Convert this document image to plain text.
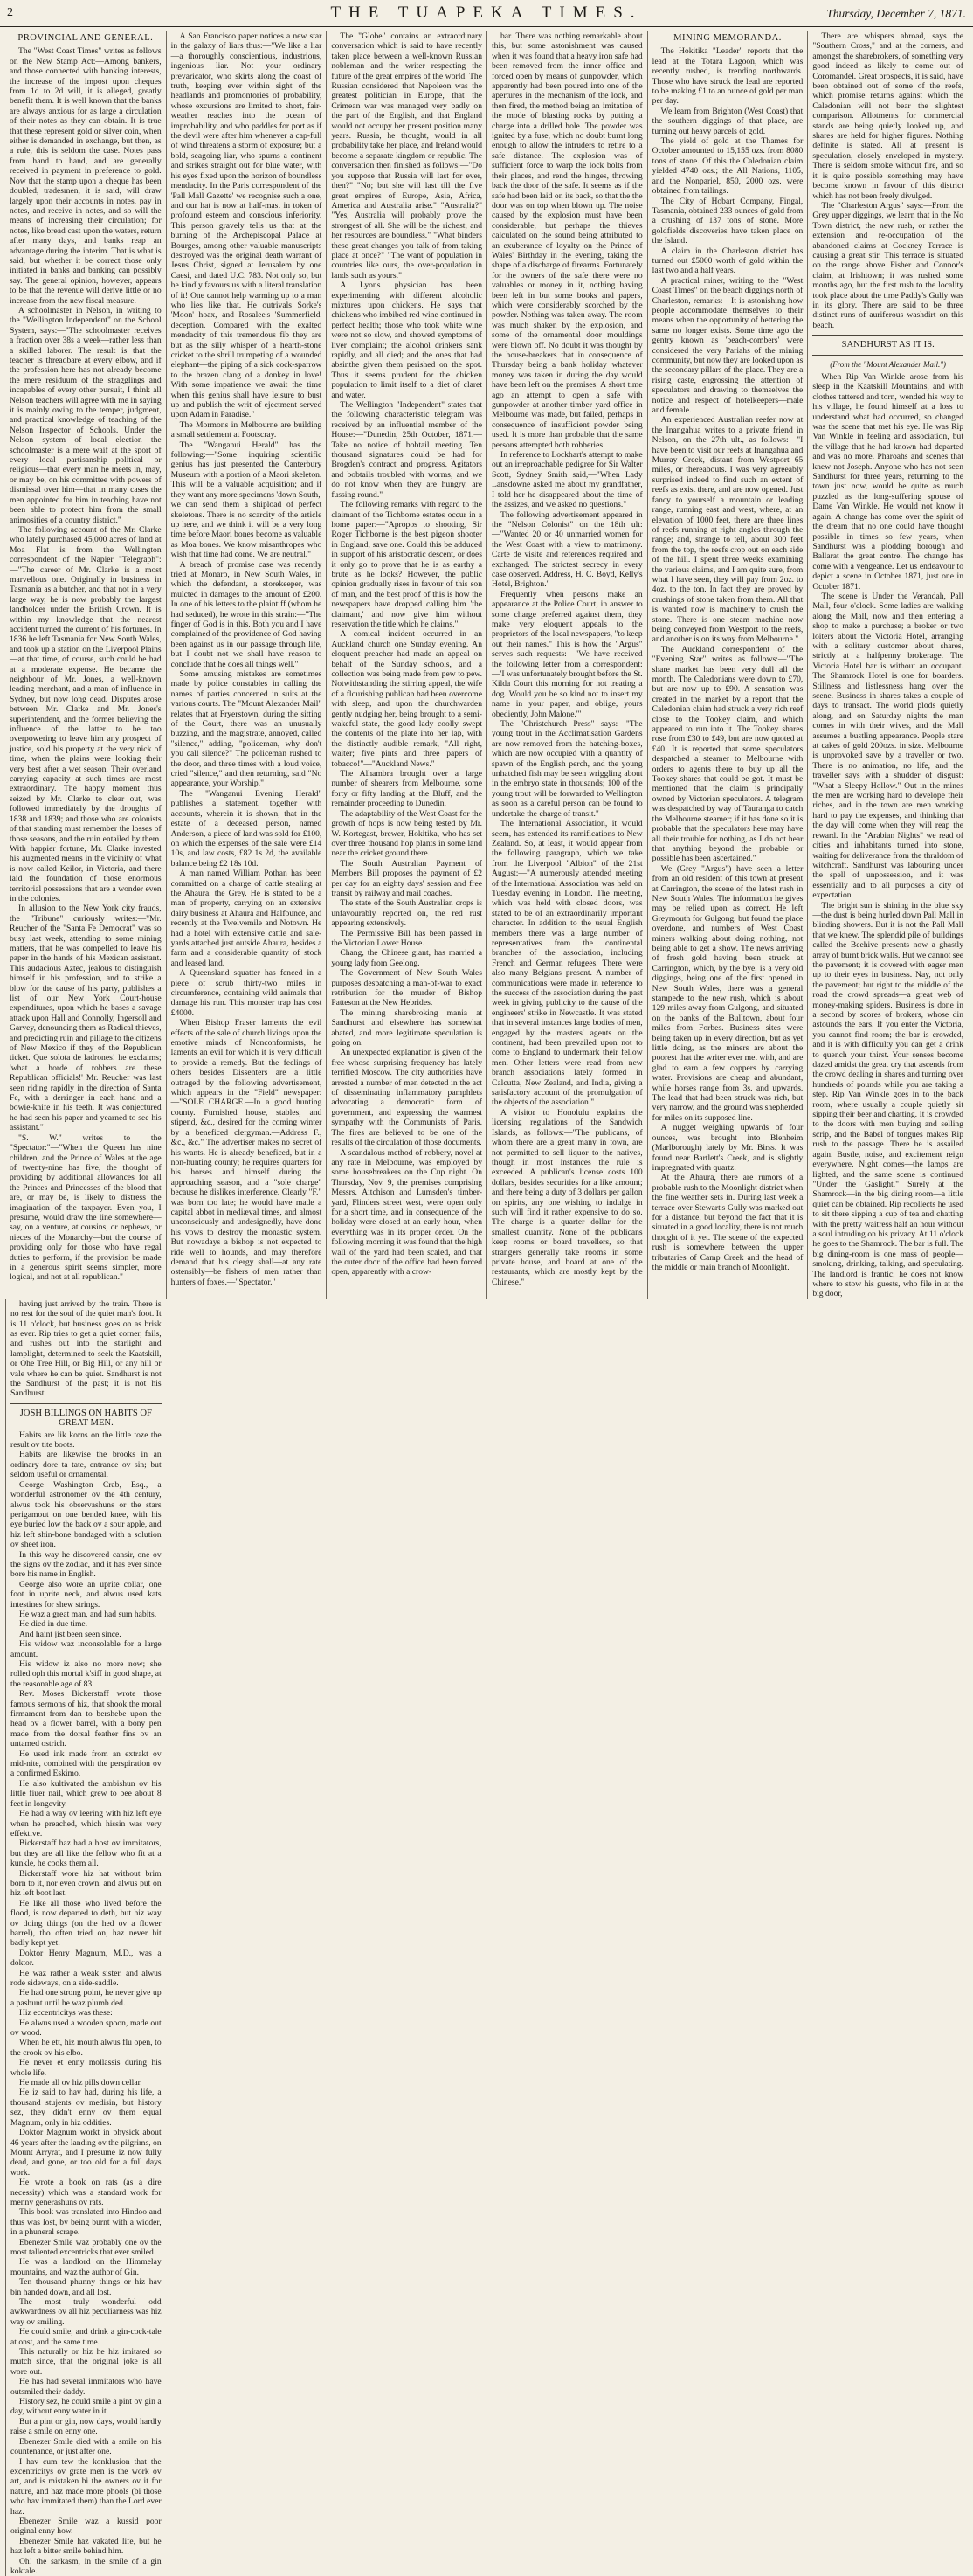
2	THE TUAPEKA TIMES.	Thursday, December 7, 1871.
PROVINCIAL AND GENERAL.

The "West Coast Times" writes as follows on the New Stamp Act:—Among bankers, and those connected with banking interests, the increase of the impost upon cheques from 1d to 2d will, it is alleged, greatly benefit them. It is well known that the banks are always anxious for as large a circulation of their notes as they can obtain. It is true that these represent gold or silver coin, when either is demanded in exchange, but then, as a rule, this is seldom the case. Notes pass from hand to hand, and are generally received in payment in preference to gold. Now that the stamp upon a cheque has been doubled, tradesmen, it is said, will draw largely upon their accounts in notes, pay in notes, and receive in notes, and so will the means of increasing their circulation; for notes, like bread cast upon the waters, return after many days, and banks reap an advantage during the interim. That is what is said, but whether it be correct those only initiated in banks and banking can possibly say. The general opinion, however, appears to be that the revenue will derive little or no increase from the new fiscal measure.

A schoolmaster in Nelson, in writing to the "Wellington Independent" on the School System, says:—"The schoolmaster receives a fraction over 38s a week—rather less than a skilled laborer. The result is that the teacher is threadbare at every elbow, and if the profession here has not already become the mere residuum of the stragglings and incapables of every other pursuit, I think all Nelson teachers will agree with me in saying it is mainly owing to the temper, judgment, and practical knowledge of teaching of the Nelson Inspector of Schools. Under the Nelson system of local election the schoolmaster is a mere waif at the sport of every local partisanship—political or religious—that every man he meets in, may, or may be, on his committee with powers of dismissal over him—that in many cases the men appointed for him in teaching have not been able to protect him from the small animosities of a country district."

The following account of the Mr. Clarke who lately purchased 45,000 acres of land at Moa Flat is from the Wellington correspondent of the Napier "Telegraph":—"The career of Mr. Clarke is a most marvellous one. Originally in business in Tasmania as a butcher, and that not in a very large way, he is now probably the largest landholder under the British Crown. It is within my knowledge that the nearest accident turned the current of his fortunes. In 1836 he left Tasmania for New South Wales, and took up a station on the Liverpool Plains—at that time, of course, such could be had at a moderate expense. He became the neighbour of Mr. Jones, a well-known leading merchant, and a man of influence in Sydney, but now long dead. Disputes arose between Mr. Clarke and Mr. Jones's superintendent, and the former believing the influence of the latter to be too overpowering to leave him any prospect of justice, sold his property at the very nick of time, when the plains were looking their very best after a wet season. Their overland carrying capacity at such times are most extraordinary. The happy moment thus seized by Mr. Clarke to clear out, was followed immediately by the droughts of 1838 and 1839; and those who are colonists of that standing must remember the losses of those seasons, and the ruin entailed by them. With happier fortune, Mr. Clarke invested his augmented means in the vicinity of what is now called Keilor, in Victoria, and there laid the foundation of those enormous territorial possessions that are a wonder even in the colonies.

In allusion to the New York city frauds, the "Tribune" curiously writes:—"Mr. Reucher of the "Santa Fe Democrat" was so busy last week, attending to some mining matters, that he was compelled to leave his paper in the hands of his Mexican assistant. This audacious Aztec, jealous to distinguish himself in his profession, and to strike a blow for the cause of his party, publishes a list of our New York Court-house expenditures, upon which he bases a savage attack upon Hall and Connolly, Ingersoll and Garvey, denouncing them as Radical thieves, and predicting ruin and pillage to the citizens of New Mexico if they of the Republican ticket. Que solota de ladrones! he exclaims; 'what a horde of robbers are these Republican officials!' Mr. Reucher was last seen riding rapidly in the direction of Santa Fe, with a derringer in each hand and a bowie-knife in his teeth. It was conjectured he had seen his paper and yearned to see his assistant."

"S. W." writes to the "Spectator:"—"When the Queen has nine children, and the Prince of Wales at the age of twenty-nine has five, the thought of providing by additional allowances for all the Princes and Princesses of the blood that are, or may be, is likely to distress the imagination of the taxpayer. Even you, I presume, would draw the line somewhere—say, on a venture, at cousins, or nephews, or nieces of the Monarchy—but the course of providing only for those who have regal duties to perform, if the provision be made in a generous spirit seems simpler, more logical, and not at all republican."

A San Francisco paper notices a new star in the galaxy of liars thus:—"We like a liar—a thoroughly conscientious, industrious, ingenious liar. Not your ordinary prevaricator, who skirts along the coast of truth, keeping ever within sight of the headlands and promontories of probability, whose excursions are limited to short, fair-weather reaches into the ocean of improbability, and who paddles for port as if the devil were after him whenever a cap-full of wind threatens a storm of exposure; but a bold, seagoing liar, who spurns a continent and strikes straight out for blue water, with his eyes fixed upon the horizon of boundless mendacity. In the Paris correspondent of the 'Pall Mall Gazette' we recognise such a one, and our hat is now at half-mast in token of profound esteem and conscious inferiority. This person gravely tells us that at the burning of the Archepiscopal Palace at Bourges, among other valuable manuscripts destroyed was the original death warrant of Jesus Christ, signed at Jerusalem by one Caesi, and dated U.C. 783. Not only so, but he kindly favours us with a literal translation of it! One cannot help warming up to a man who lies like that. He outrivals Sorke's 'Moon' hoax, and Rosalee's 'Summerfield' deception. Compared with the exalted mendacity of this tremendous fib they are but as the silly whisper of a hearth-stone cricket to the shrill trumpeting of a wounded elephant—the piping of a sick cock-sparrow to the brazen clang of a donkey in love! With some impatience we await the time when this genius shall have leisure to bust up and publish the writ of ejectment served upon Adam in Paradise."

The Mormons in Melbourne are building a small settlement at Footscray.

The "Wanganui Herald" has the following:—"Some inquiring scientific genius has just presented the Canterbury Museum with a portion of a Maori skeleton. This will be a valuable acquisition; and if they want any more specimens 'down South,' we can send them a shipload of perfect skeletons. There is no scarcity of the article up here, and we think it will be a very long time before Maori bones become as valuable as Moa bones. We know misanthropes who wish that time had come. We are neutral."

A breach of promise case was recently tried at Monaro, in New South Wales, in which the defendant, a storekeeper, was mulcted in damages to the amount of £200. In one of his letters to the plaintiff (whom he had seduced), he wrote in this strain:—"The finger of God is in this. Both you and I have complained of the providence of God having been against us in our passage through life, but I doubt not we shall have reason to conclude that he does all things well."

Some amusing mistakes are sometimes made by police constables in calling the names of parties concerned in suits at the various courts. The "Mount Alexander Mail" relates that at Fryerstown, during the sitting of the Court, there was an unusually buzzing, and the magistrate, annoyed, called "silence," adding, "policeman, why don't you call silence?" The policeman rushed to the door, and three times with a loud voice, cried "silence," and then returning, said "No appearance, your Worship."

The "Wanganui Evening Herald" publishes a statement, together with accounts, wherein it is shown, that in the estate of a deceased person, named Anderson, a piece of land was sold for £100, on which the expenses of the sale were £14 10s, and law costs, £82 1s 2d, the available balance being £2 18s 10d.

A man named William Pothan has been committed on a charge of cattle stealing at the Ahaura, the Grey. He is stated to be a man of property, carrying on an extensive dairy business at Ahaura and Halfounce, and recently at the Twelvemile and Notown. He had a hotel with extensive cattle and sale-yards attached just outside Ahaura, besides a farm and a considerable quantity of stock and leased land.

A Queensland squatter has fenced in a piece of scrub thirty-two miles in circumference, containing wild animals that damage his run. This monster trap has cost £4000.

When Bishop Fraser laments the evil effects of the sale of church livings upon the emotive minds of Nonconformists, he laments an evil for which it is very difficult to provide a remedy. But the feelings of others besides Dissenters are a little outraged by the following advertisement, which appears in the "Field" newspaper:—"SOLE CHARGE.—In a good hunting county. Furnished house, stables, and stipend, &c., desired for the coming winter by a beneficed clergyman.—Address F., &c., &c." The advertiser makes no secret of his wants. He is already beneficed, but in a non-hunting county; he requires quarters for his horses and himself during the approaching season, and a "sole charge" because he dislikes interference. Clearly "F." was born too late; he would have made a capital abbot in mediæval times, and almost unconsciously and undesignedly, have done his vows to destroy the monastic system. But nowadays a bishop is not expected to ride well to hounds, and may therefore demand that his clergy shall—at any rate ostensibly—be fishers of men rather than hunters of foxes.—"Spectator."

The "Globe" contains an extraordinary conversation which is said to have recently taken place between a well-known Russian nobleman and the writer respecting the future of the great empires of the world. The Russian considered that Napoleon was the greatest politician in Europe, that the Crimean war was managed very badly on the part of the English, and that England would not occupy her present position many years. Russia, he thought, would in all probability take her place, and Ireland would become a separate kingdom or republic. The conversation then finished as follows:—"Do you suppose that Russia will last for ever, then?" "No; but she will last till the five great empires of Europe, Asia, Africa, America and Australia arise." "Australia?" "Yes, Australia will probably prove the strongest of all. She will be the richest, and her resources are boundless." "What binders these great changes you talk of from taking place at once?" "The want of population in countries like ours, the over-population in lands such as yours."

A Lyons physician has been experimenting with different alcoholic mixtures upon chickens. He says that chickens who imbibed red wine continued in perfect health; those who took white wine were not so slow, and showed symptoms of liver complaint; the alcohol drinkers sank rapidly, and all died; and the ones that had absinthe given them perished on the spot. Thus it seems prudent for the chicken population to limit itself to a diet of claret and water.

The Wellington "Independent" states that the following characteristic telegram was received by an influential member of the House:—"Dunedin, 25th October, 1871.—Take no notice of bobtail meeting. Ten thousand signatures could be had for Brogden's contract and progress. Agitators and bobtails troubled with worms, and we do not know when they are hungry, are fussing round."

The following remarks with regard to the claimant of the Tichborne estates occur in a home paper:—"Apropos to shooting, Sir Roger Tichborne is the best pigeon shooter in England, save one. Could this be adduced in support of his aristocratic descent, or does it only go to prove that he is as earthy a brute as he looks? However, the public opinion gradually rises in favour of this son of man, and the best proof of this is how the newspapers have dropped calling him 'the claimant,' and now give him without reservation the title which he claims."

A comical incident occurred in an Auckland church one Sunday evening. An eloquent preacher had made an appeal on behalf of the Sunday schools, and a collection was being made from pew to pew. Notwithstanding the stirring appeal, the wife of a flourishing publican had been overcome with sleep, and upon the churchwarden gently nudging her, being brought to a semi-wakeful state, the good lady coolly swept the contents of the plate into her lap, with the distinctly audible remark, "All right, waiter; five pints and three papers of tobacco!"—"Auckland News."

The Alhambra brought over a large number of shearers from Melbourne, some forty or fifty landing at the Bluff, and the remainder proceeding to Dunedin.

The adaptability of the West Coast for the growth of hops is now being tested by Mr. W. Kortegast, brewer, Hokitika, who has set over three thousand hop plants in some land near the cricket ground there.

The South Australian Payment of Members Bill proposes the payment of £2 per day for an eighty days' session and free transit by railway and mail coaches.

The state of the South Australian crops is unfavourably reported on, the red rust appearing extensively.

The Permissive Bill has been passed in the Victorian Lower House.

Chang, the Chinese giant, has married a young lady from Geelong.

The Government of New South Wales purposes despatching a man-of-war to exact retribution for the murder of Bishop Patteson at the New Hebrides.

The mining sharebroking mania at Sandhurst and elsewhere has somewhat abated, and more legitimate speculation is going on.

An unexpected explanation is given of the free whose surprising frequency has lately terrified Moscow. The city authorities have arrested a number of men detected in the act of disseminating inflammatory pamphlets advocating a democratic form of government, and expressing the warmest sympathy with the Communists of Paris. The fires are believed to be one of the results of the circulation of those documents.

A scandalous method of robbery, novel at any rate in Melbourne, was employed by some housebreakers on the Cup night. On Thursday, Nov. 9, the premises comprising Messrs. Aitchison and Lumsden's timber-yard, Flinders street west, were open only for a short time, and in consequence of the holiday were closed at an early hour, when everything was in its proper order. On the following morning it was found that the high wall of the yard had been scaled, and that the outer door of the office had been forced open, apparently with a crow-

bar. There was nothing remarkable about this, but some astonishment was caused when it was found that a heavy iron safe had been removed from the inner office and forced open by means of gunpowder, which apparently had been poured into one of the apertures in the mechanism of the lock, and then fired, the method being an imitation of the mode of blasting rocks by putting a charge into a drilled hole. The powder was ignited by a fuse, which no doubt burnt long enough to allow the intruders to retire to a safe distance. The explosion was of sufficient force to warp the lock bolts from their places, and rend the hinges, throwing back the door of the safe. It seems as if the safe had been laid on its back, so that the the door was on top when blown up. The noise caused by the explosion must have been considerable, but perhaps the thieves calculated on the sound being attributed to an exuberance of loyalty on the Prince of Wales' Birthday in the evening, taking the shape of a discharge of firearms. Fortunately for the owners of the safe there were no valuables or money in it, nothing having been left in but some books and papers, which were considerably scorched by the powder. Nothing was taken away. The room was much shaken by the explosion, and some of the ornamental door mouldings were blown off. No doubt it was thought by the house-breakers that in consequence of Thursday being a bank holiday whatever money was taken in during the day would have been left on the premises. A short time ago an attempt to open a safe with gunpowder at another timber yard office in Melbourne was made, but failed, perhaps in consequence of insufficient powder being used. It is more than probable that the same persons attempted both robberies.

In reference to Lockhart's attempt to make out an irreproachable pedigree for Sir Walter Scott, Sydney Smith said,—"When Lady Lansdowne asked me about my grandfather, I told her he disappeared about the time of the assizes, and we asked no questions."

The following advertisement appeared in the "Nelson Colonist" on the 18th ult:—"Wanted 20 or 40 unmarried women for the West Coast with a view to matrimony. Carte de visite and references required and exchanged. The strictest secrecy in every case observed. Address, H. C. Boyd, Kelly's Hotel, Brighton."

Frequently when persons make an appearance at the Police Court, in answer to some charge preferred against them, they make very eloquent appeals to the proprietors of the local newspapers, "to keep out their names." This is how the "Argus" serves such requests:—"We have received the following letter from a correspondent:—'I was unfortunately brought before the St. Kilda Court this morning for not treating a dog. Would you be so kind not to insert my name in your paper, and oblige, yours obediently, John Malone.'"

The "Christchurch Press" says:—"The young trout in the Acclimatisation Gardens are now removed from the hatching-boxes, which are now occupied with a quantity of spawn of the English perch, and the young unhatched fish may be seen wriggling about in the embryo state in thousands; 100 of the young trout will be forwarded to Wellington as soon as a careful person can be found to undertake the charge of transit."

The International Association, it would seem, has extended its ramifications to New Zealand. So, at least, it would appear from the following paragraph, which we take from the Liverpool "Albion" of the 21st August:—"A numerously attended meeting of the International Association was held on Tuesday evening in London. The meeting, which was held with closed doors, was stated to be of an extraordinarily important character. In addition to the usual English members there was a large number of representatives from the continental branches of the association, including French and German refugees. There were also many Belgians present. A number of communications were made in reference to the success of the association during the past week in giving publicity to the cause of the engineers' strike in Newcastle. It was stated that in several instances large bodies of men, engaged by the masters' agents on the continent, had been prevailed upon not to come to England to undermark their fellow men. Other letters were read from new branch associations lately formed in Calcutta, New Zealand, and India, giving a satisfactory account of the promulgation of the objects of the association."

A visitor to Honolulu explains the licensing regulations of the Sandwich Islands, as follows:—"The publicans, of whom there are a great many in town, are not permitted to sell liquor to the natives, though in most instances the rule is exceeded. A publican's license costs 100 dollars, besides securities for a like amount; and there being a duty of 3 dollars per gallon on spirits, any one wishing to indulge in such will find it rather expensive to do so. The charge is a quarter dollar for the smallest quantity. None of the publicans keep rooms or board travellers, so that strangers generally take rooms in some private house, and board at one of the restaurants, which are mostly kept by the Chinese."

MINING MEMORANDA.

The Hokitika "Leader" reports that the lead at the Totara Lagoon, which was recently rushed, is trending northwards. Those who have struck the lead are reported to be making £1 to an ounce of gold per man per day.

We learn from Brighton (West Coast) that the southern diggings of that place, are turning out heavy parcels of gold.

The yield of gold at the Thames for October amounted to 15,155 ozs. from 8080 tons of stone. Of this the Caledonian claim yielded 4740 ozs.; the All Nations, 1105, and the Nonpariel, 850, 2000 ozs. were obtained from tailings.

The City of Hobart Company, Fingal, Tasmania, obtained 233 ounces of gold from a crushing of 137 tons of stone. More goldfields discoveries have taken place on the Island.

A claim in the Charleston district has turned out £5000 worth of gold within the last two and a half years.

A practical miner, writing to the "West Coast Times" on the beach diggings north of Charleston, remarks:—It is astonishing how people accommodate themselves to their means when the opportunity of bettering the same no longer exists. Some time ago the gentry known as 'beach-combers' were considered the very Pariahs of the mining community, but now they are looked upon as the secondary pillars of the place. They are a rising caste, engrossing the attention of speculators and drawing to themselves the notice and respect of hotelkeepers—male and female.

An experienced Australian reefer now at the Inangahua writes to a private friend in Nelson, on the 27th ult., as follows:—"I have been to visit our reefs at Inangahua and Murray Creek, distant from Westport 65 miles, or thereabouts. I was very agreeably surprised indeed to find such an extent of reefs as exist there, and are now opened. Just fancy to yourself a mountain or leading range, running east and west, where, at an elevation of 1000 feet, there are three lines of reefs running at right angles through the range; and, strange to tell, about 300 feet from the top, the reefs crop out on each side of the hill. I spent three weeks examining the various claims, and I am quite sure, from what I have seen, they will pay from 2oz. to 4oz. to the ton. In fact they are proved by crushings of stone taken from them. All that is wanted now is machinery to crush the stone. There is one steam machine now being conveyed from Westport to the reefs, and another is on its way from Melbourne."

The Auckland correspondent of the "Evening Star" writes as follows:—"The share market has been very dull all the month. The Caledonians were down to £70, but are now up to £90. A sensation was created in the market by a report that the Caledonian claim had struck a very rich reef close to the Tookey claim, and which appeared to run into it. The Tookey shares rose from £30 to £49, but are now quoted at £40. It is reported that some speculators despatched a steamer to Melbourne with orders to agents there to buy up all the Tookey shares that could be got. It must be mentioned that the claim is principally owned by Victorian speculators. A telegram was despatched by way of Tauranga to catch the Melbourne steamer; if it has done so it is probable that the speculators here may have all their trouble for nothing, as I do not hear that anything beyond the probable or possible has been ascertained."

We (Grey "Argus") have seen a letter from an old resident of this town at present at Carrington, the scene of the latest rush in New South Wales. The information he gives may be relied upon as correct. He left Greymouth for Gulgong, but found the place overdone, and numbers of West Coast miners walking about doing nothing, not being able to get a show. The news arriving of fresh gold having been struck at Carrington, which, by the bye, is a very old diggings, being one of the first opened in New South Wales, there was a general stampede to the new rush, which is about 129 miles away from Gulgong, and situated on the banks of the Bulltown, about four miles from Forbes. Business sites were being taken up in every direction, but as yet little doing, as the miners are about the poorest that the writer ever met with, and are glad to earn a few coppers by carrying water. Provisions are cheap and abundant, while horses range from 3s. and upwards. The lead that had been struck was rich, but very narrow, and the ground was shepherded for miles on its supposed line.

A nugget weighing upwards of four ounces, was brought into Blenheim (Marlborough) lately by Mr. Birss. It was found near Bartlett's Creek, and is slightly impregnated with quartz.

At the Ahaura, there are rumors of a probable rush to the Moonlight district when the fine weather sets in. During last week a terrace over Stewart's Gully was marked out for a distance, but beyond the fact that it is situated in a good locality, there is not much thought of it yet. The scene of the expected rush is somewhere between the upper tributaries of Camp Creek and the head of the middle or main branch of Moonlight.

There are whispers abroad, says the "Southern Cross," and at the corners, and amongst the sharebrokers, of something very good indeed as likely to come out of Coromandel. Great prospects, it is said, have been obtained out of some of the reefs, which promise returns against which the Caledonian will not bear the slightest comparison. Allotments for commercial stands are being quietly looked up, and shares are held for higher figures. Nothing definite is stated. All at present is speculation, closely enveloped in mystery. There is seldom smoke without fire, and so it is quite possible something may have become known in favour of this district which has not been freely divulged.

The "Charleston Argus" says:—From the Grey upper diggings, we learn that in the No Town district, the new rush, or rather the extension and re-occupation of the abandoned claims at Cockney Terrace is causing a great stir. This terrace is situated on the range above Fisher and Connor's claim, at Irishtown; it was rushed some months ago, but the first rush to the locality took place about the time Paddy's Gully was in its glory. There are said to be three distinct runs of auriferous washdirt on this beach.

SANDHURST AS IT IS.
(From the "Mount Alexander Mail.")

When Rip Van Winkle arose from his sleep in the Kaatskill Mountains, and with clothes tattered and torn, wended his way to his village, he found himself at a loss to understand what had occurred, so changed was the scene that met his eye. He was Rip Van Winkle in feeling and association, but the village that he had known had departed and was no more. Pharoahs and scenes that knew not Joseph. Anyone who has not seen Sandhurst for three years, returning to the town just now, would be quite as much puzzled as the long-suffering spouse of Dame Van Winkle. He would not know it again. A change has come over the spirit of the dream that no one could have thought possible in times so few years, when Sandhurst was a plodding borough and Ballarat the great centre. The change has come with a vengeance. Let us endeavour to depict a scene in October 1871, just one in October 1871.

The scene is Under the Verandah, Pall Mall, four o'clock. Some ladies are walking along the Mall, now and then entering a shop to make a purchase; a broker or two loiters about the Victoria Hotel, arranging with a solitary customer about shares, strictly at a halfpenny brokerage. The Victoria Hotel bar is without an occupant. The Shamrock Hotel is one for boarders. Stillness and listlessness hang over the scene. Business in shares takes a couple of days to transact. The world plods quietly along, and on Saturday nights the man comes in with their wives, and the Mall assumes a bustling appearance. People stare at cakes of gold 200ozs. in size. Melbourne is unprovoked save by a traveller or two. There is no animation, no life, and the traveller says with a shudder of disgust: "What a Sleepy Hollow." Out in the mines the men are working hard to develope their riches, and in the town are men working hard to pay the expenses, and thinking that the day will come when they will reap the reward. In the "Arabian Nights" we read of cities and inhabitants turned into stone, waiting for deliverance from the thraldom of witchcraft. Sandhurst was labouring under the spell of unpossession, and it was essentially and to all purposes a city of expectation.

The bright sun is shining in the blue sky—the dust is being hurled down Pall Mall in blinding showers. But it is not the Pall Mall that we knew. The splendid pile of buildings called the Beehive presents now a ghastly array of burnt brick walls. But we cannot see the pavement; it is covered with eager men up to their eyes in business. Nay, not only the pavement; but right to the middle of the road the crowd spreads—a great web of money-making spiders. Business is done in a second by scores of brokers, whose din astounds the ears. If you enter the Victoria, you cannot find room; the bar is crowded, and it is with difficulty you can get a drink to quench your thirst. Your senses become dazed amidst the great cry that ascends from the crowd dealing in shares and turning over hundreds of pounds while you are taking a step. Rip Van Winkle goes in to the back room, where usually a couple quietly sit sipping their beer and chatting. It is crowded to the doors with men buying and selling scrip, and the Babel of tongues makes Rip rush to the passage. There he is assailed again. Bustle, noise, and excitement reign everywhere. Night comes—the lamps are lighted, and the same scene is continued "Under the Gaslight." Surely at the Shamrock—in the big dining room—a little quiet can be obtained. Rip recollects he used to sit there sipping a cup of tea and chatting with the pretty waitress half an hour without a soul intruding on his privacy. At 11 o'clock he goes to the Shamrock. The bar is full. The big dining-room is one mass of people—smoking, drinking, talking, and speculating. The landlord is frantic; he does not know where to stow his guests, who file in at the big door,

having just arrived by the train. There is no rest for the soul of the quiet man's foot. It is 11 o'clock, but business goes on as brisk as ever. Rip tries to get a quiet corner, fails, and rushes out into the starlight and lamplight, determined to seek the Kaatskill, or Ohe Tree Hill, or Big Hill, or any hill or vale where he can be quiet. Sandhurst is not the Sandhurst of the past; it is not his Sandhurst.

JOSH BILLINGS ON HABITS OF GREAT MEN.

Habits are lik korns on the little toze the result ov tite boots.

Habits are likewise the brooks in an ordinary dore ta tate, entrance ov sin; but seldom useful or ornamental.

George Washington Crab, Esq., a wonderful astronomer ov the 4th century, alwus took his observashuns or the stars perigamout on one bended knee, with his eye buried low the back ov a sour apple, and hiz left shin-bone bandaged with a solution ov sheet iron.

In this way he discovered cansir, one ov the signs ov the zodiac, and it has ever since bore his name in English.

George also wore an uprite collar, one foot in uprite neck, and alwus used kats intestines for shew strings.

He waz a great man, and had sum habits.

He died in due time.

And haint jist been seen since.

His widow waz inconsolable for a large amount.

His widow iz also no more now; she rolled oph this mortal k'siff in good shape, at the reasonable age of 83.

Rev. Moses Bickerstaff wrote those famous sermons of hiz, that shook the moral firmament from dan to bershebe upon the head ov a flower barrel, with a bony pen made from the dorsal feather fins ov an untamed ostrich.

He used ink made from an extrakt ov mid-nite, combined with the perspiration ov a confirmed Eskimo.

He also kultivated the ambishun ov his little fiuer nail, which grew to bee about 8 feet in longevity.

He had a way ov leering with hiz left eye when he preached, which hissin was very effektive.

Bickerstaff haz had a host ov immitators, but they are all like the fellow who fit at a kunkle, he cooks them all.

Bickerstaff wore hiz hat without brim born to it, nor even crown, and alwus put on hiz left boot last.

He like all those who lived before the flood, is now departed to deth, but hiz way ov doing things (on the hed ov a flower barrel), tho often tried on, haz never hit badly kept yet.

Doktor Henry Magnum, M.D., was a doktor.

He waz rather a weak sister, and alwus rode sideways, on a side-saddle.

He had one strong point, he never give up a pashunt until he waz plumb ded.

Hiz eccentricitys was these:

He alwus used a wooden spoon, made out ov wood.

When he ett, hiz mouth alwus flu open, to the crook ov his elbo.

He never et enny mollassis during his whole life.

He made all ov hiz pills down cellar.

He iz said to hav had, during his life, a thousand stujents ov medisin, but history sez, they didn't enny ov them equal Magnum, only in hiz oddities.

Doktor Magnum workt in physick about 46 years after the landing ov the pilgrims, on Mount Arryrat, and I presume iz now fully dead, and gone, or too old for a full days work.

He wrote a book on rats (as a dire necessity) which was a standard work for menny generashuns ov rats.

This book was translated into Hindoo and thus was lost, by being burnt with a widder, in a phuneral scrape.

Ebenezer Smile waz probably one ov the most tallented excentricks that ever smiled.

He was a landlord on the Himmelay mountains, and waz the author of Gin.

Ten thousand phunny things or hiz hav bin handed down, and all lost.

The most truly wonderful odd awkwardness ov all hiz peculiarness was hiz way ov smiling.

He could smile, and drink a gin-cock-tale at onst, and the same time.

This naturally or hiz he hiz imitated so mutch since, that the original joke is all wore out.

He has had several immitators who have outsmiled their daddy.

History sez, he could smile a pint ov gin a day, without enny water in it.

But a pint or gin, now days, would hardly raise a smile on enny one.

Ebenezer Smile died with a smile on his countenance, or just after one.

I hav cum tew the konklusion that the excentricitys ov grate men is the work ov art, and is mistaken bi the owners ov it for nature, and haz made more phools (bi those who hav immitated them) than the Lord ever haz.

Ebenezer Smile waz a kussid poor original enny how.

Ebenezer Smile haz vakated life, but he haz left a bitter smile behind him.

Oh! the sarkasm, in the smile of a gin koktale.
